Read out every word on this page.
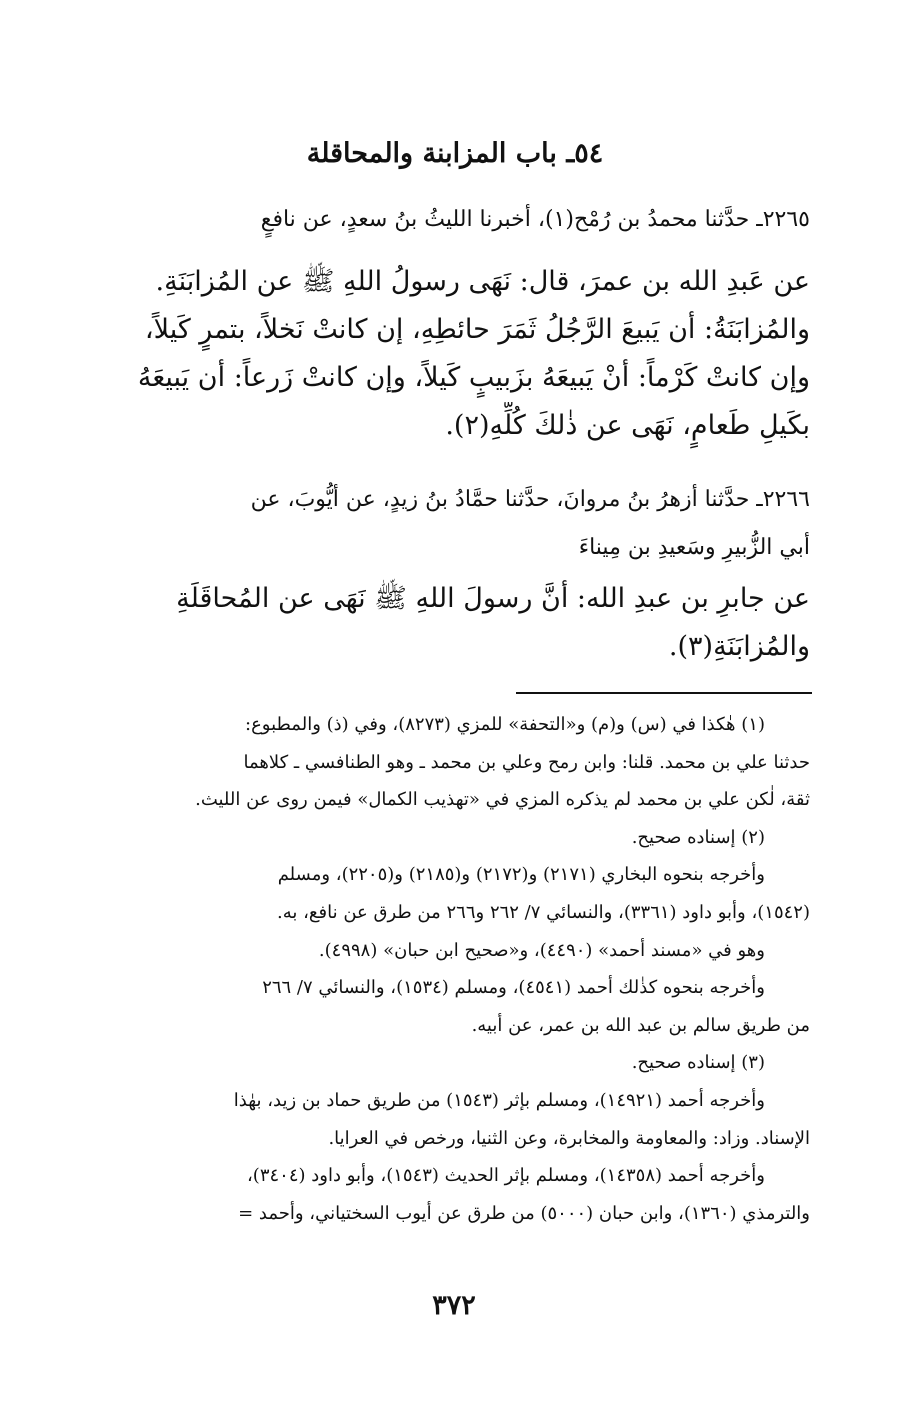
٥٤ـ باب المزابنة والمحاقلة
٢٢٦٥ـ حدَّثنا محمدُ بن رُمْح(١)، أخبرنا الليثُ بنُ سعدٍ، عن نافعٍ
عن عَبدِ الله بن عمرَ، قال: نَهَى رسولُ اللهِ ﷺ عن المُزابَنَةِ.
والمُزابَنَةُ: أن يَبيعَ الرَّجُلُ ثَمَرَ حائطِهِ، إن كانتْ نَخلاً، بتمرٍ كَيلاً،
وإن كانتْ كَرْماً: أنْ يَبيعَهُ بزَبيبٍ كَيلاً، وإن كانتْ زَرعاً: أن يَبيعَهُ
بكَيلِ طَعامٍ، نَهَى عن ذٰلكَ كُلِّهِ(٢).
٢٢٦٦ـ حدَّثنا أزهرُ بنُ مروانَ، حدَّثنا حمَّادُ بنُ زيدٍ، عن أيُّوبَ، عن
أبي الزُّبيرِ وسَعيدِ بن مِيناءَ
عن جابرِ بن عبدِ الله: أنَّ رسولَ اللهِ ﷺ نَهَى عن المُحاقَلَةِ
والمُزابَنَةِ(٣).
(١) هٰكذا في (س) و(م) و«التحفة» للمزي (٨٢٧٣)، وفي (ذ) والمطبوع:
حدثنا علي بن محمد. قلنا: وابن رمح وعلي بن محمد ـ وهو الطنافسي ـ كلاهما
ثقة، لٰكن علي بن محمد لم يذكره المزي في «تهذيب الكمال» فيمن روى عن الليث.
(٢) إسناده صحيح.
وأخرجه بنحوه البخاري (٢١٧١) و(٢١٧٢) و(٢١٨٥) و(٢٢٠٥)، ومسلم
(١٥٤٢)، وأبو داود (٣٣٦١)، والنسائي ٧/ ٢٦٢ و٢٦٦ من طرق عن نافع، به.
وهو في «مسند أحمد» (٤٤٩٠)، و«صحيح ابن حبان» (٤٩٩٨).
وأخرجه بنحوه كذٰلك أحمد (٤٥٤١)، ومسلم (١٥٣٤)، والنسائي ٧/ ٢٦٦
من طريق سالم بن عبد الله بن عمر، عن أبيه.
(٣) إسناده صحيح.
وأخرجه أحمد (١٤٩٢١)، ومسلم بإثر (١٥٤٣) من طريق حماد بن زيد، بهٰذا
الإسناد. وزاد: والمعاومة والمخابرة، وعن الثنيا، ورخص في العرايا.
وأخرجه أحمد (١٤٣٥٨)، ومسلم بإثر الحديث (١٥٤٣)، وأبو داود (٣٤٠٤)،
والترمذي (١٣٦٠)، وابن حبان (٥٠٠٠) من طرق عن أيوب السختياني، وأحمد =
٣٧٢
